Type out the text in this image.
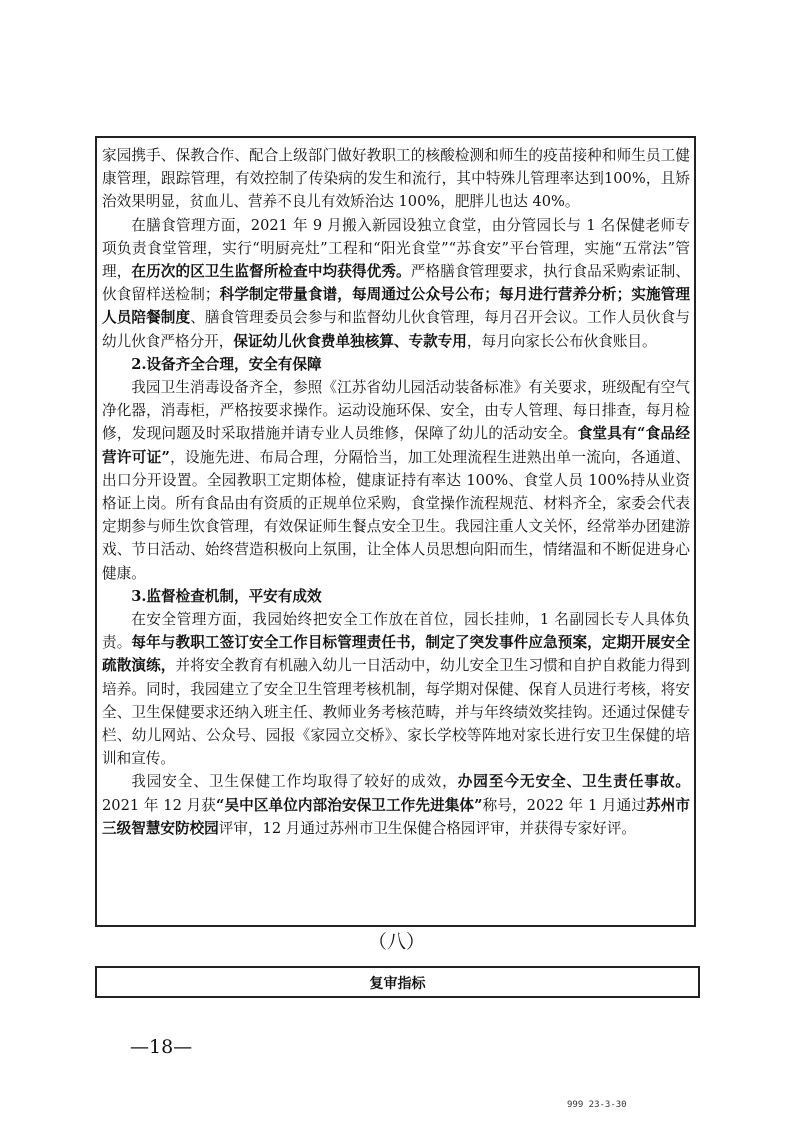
家园携手、保教合作、配合上级部门做好教职工的核酸检测和师生的疫苗接种和师生员工健康管理，跟踪管理，有效控制了传染病的发生和流行，其中特殊儿管理率达到100%，且矫治效果明显，贫血儿、营养不良儿有效矫治达 100%，肥胖儿也达 40%。

在膳食管理方面，2021 年 9 月搬入新园设独立食堂，由分管园长与 1 名保健老师专项负责食堂管理，实行“明厨亮灶”工程和“阳光食堂”“苏食安”平台管理，实施“五常法”管理，在历次的区卫生监督所检查中均获得优秀。严格膳食管理要求，执行食品采购索证制、伙食留样送检制；科学制定带量食谱，每周通过公众号公布；每月进行营养分析；实施管理人员陪餐制度、膳食管理委员会参与和监督幼儿伙食管理，每月召开会议。工作人员伙食与幼儿伙食严格分开，保证幼儿伙食费单独核算、专款专用，每月向家长公布伙食账目。

2.设备齐全合理，安全有保障

我园卫生消毒设备齐全，参照《江苏省幼儿园活动装备标准》有关要求，班级配有空气净化器，消毒柜，严格按要求操作。运动设施环保、安全，由专人管理、每日排查，每月检修，发现问题及时采取措施并请专业人员维修，保障了幼儿的活动安全。食堂具有“食品经营许可证”，设施先进、布局合理，分隔恰当，加工处理流程生进熟出单一流向，各通道、出口分开设置。全园教职工定期体检，健康证持有率达 100%、食堂人员 100%持从业资格证上岗。所有食品由有资质的正规单位采购，食堂操作流程规范、材料齐全，家委会代表定期参与师生饮食管理，有效保证师生餐点安全卫生。我园注重人文关怀，经常举办团建游戏、节日活动、始终营造积极向上氛围，让全体人员思想向阳而生，情绪温和不断促进身心健康。

3.监督检查机制，平安有成效

在安全管理方面，我园始终把安全工作放在首位，园长挂帅，1 名副园长专人具体负责。每年与教职工签订安全工作目标管理责任书，制定了突发事件应急预案，定期开展安全疏散演练，并将安全教育有机融入幼儿一日活动中，幼儿安全卫生习惯和自护自救能力得到培养。同时，我园建立了安全卫生管理考核机制，每学期对保健、保育人员进行考核，将安全、卫生保健要求还纳入班主任、教师业务考核范畴，并与年终绩效奖挂钩。还通过保健专栏、幼儿网站、公众号、园报《家园立交桥》、家长学校等阵地对家长进行安卫生保健的培训和宣传。

我园安全、卫生保健工作均取得了较好的成效，办园至今无安全、卫生责任事故。2021 年 12 月获“吴中区单位内部治安保卫工作先进集体”称号，2022 年 1 月通过苏州市三级智慧安防校园评审，12 月通过苏州市卫生保健合格园评审，并获得专家好评。

（八）
复审指标
—18—
999 23-3-30
